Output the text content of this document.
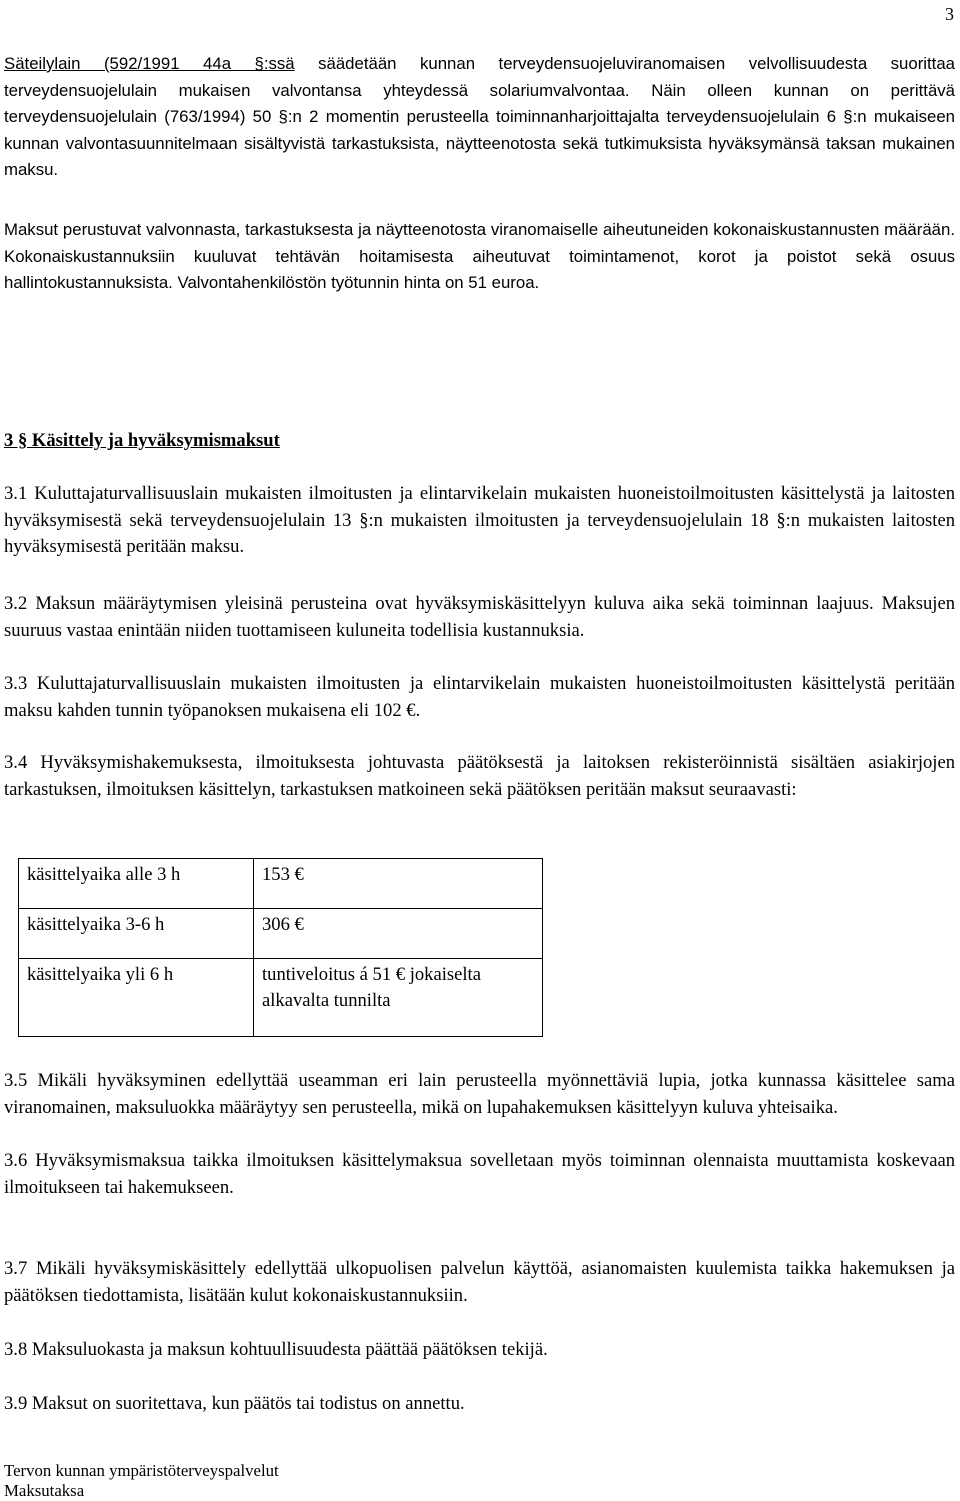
3
Säteilylain (592/1991 44a §:ssä säädetään kunnan terveydensuojeluviranomaisen velvollisuudesta suorittaa terveydensuojelulain mukaisen valvontansa yhteydessä solariumvalvontaa. Näin olleen kunnan on perittävä terveydensuojelulain (763/1994) 50 §:n 2 momentin perusteella toiminnanharjoittajalta terveydensuojelulain 6 §:n mukaiseen kunnan valvontasuunnitelmaan sisältyvistä tarkastuksista, näytteenotosta sekä tutkimuksista hyväksymänsä taksan mukainen maksu.
Maksut perustuvat valvonnasta, tarkastuksesta ja näytteenotosta viranomaiselle aiheutuneiden kokonaiskustannusten määrään. Kokonaiskustannuksiin kuuluvat tehtävän hoitamisesta aiheutuvat toimintamenot, korot ja poistot sekä osuus hallintokustannuksista. Valvontahenkilöstön työtunnin hinta on 51 euroa.
3 § Käsittely ja hyväksymismaksut
3.1 Kuluttajaturvallisuuslain mukaisten ilmoitusten ja elintarvikelain mukaisten huoneistoilmoitusten käsittelystä ja laitosten hyväksymisestä sekä terveydensuojelulain 13 §:n mukaisten ilmoitusten ja terveydensuojelulain 18 §:n mukaisten laitosten hyväksymisestä peritään maksu.
3.2 Maksun määräytymisen yleisinä perusteina ovat hyväksymiskäsittelyyn kuluva aika sekä toiminnan laajuus. Maksujen suuruus vastaa enintään niiden tuottamiseen kuluneita todellisia kustannuksia.
3.3 Kuluttajaturvallisuuslain mukaisten ilmoitusten ja elintarvikelain mukaisten huoneistoilmoitusten käsittelystä peritään maksu kahden tunnin työpanoksen mukaisena eli 102 €.
3.4 Hyväksymishakemuksesta, ilmoituksesta johtuvasta päätöksestä ja laitoksen rekisteröinnistä sisältäen asiakirjojen tarkastuksen, ilmoituksen käsittelyn, tarkastuksen matkoineen sekä päätöksen peritään maksut seuraavasti:
käsittelyaika alle 3 h	153 €
käsittelyaika 3-6 h	306 €
käsittelyaika yli 6 h	tuntiveloitus á 51 € jokaiselta alkavalta tunnilta
3.5 Mikäli hyväksyminen edellyttää useamman eri lain perusteella myönnettäviä lupia, jotka kunnassa käsittelee sama viranomainen, maksuluokka määräytyy sen perusteella, mikä on lupahakemuksen käsittelyyn kuluva yhteisaika.
3.6 Hyväksymismaksua taikka ilmoituksen käsittelymaksua sovelletaan myös toiminnan olennaista muuttamista koskevaan ilmoitukseen tai hakemukseen.
3.7 Mikäli hyväksymiskäsittely edellyttää ulkopuolisen palvelun käyttöä, asianomaisten kuulemista taikka hakemuksen ja päätöksen tiedottamista, lisätään kulut kokonaiskustannuksiin.
3.8 Maksuluokasta ja maksun kohtuullisuudesta päättää päätöksen tekijä.
3.9 Maksut on suoritettava, kun päätös tai todistus on annettu.
Tervon kunnan ympäristöterveyspalvelut
Maksutaksa
